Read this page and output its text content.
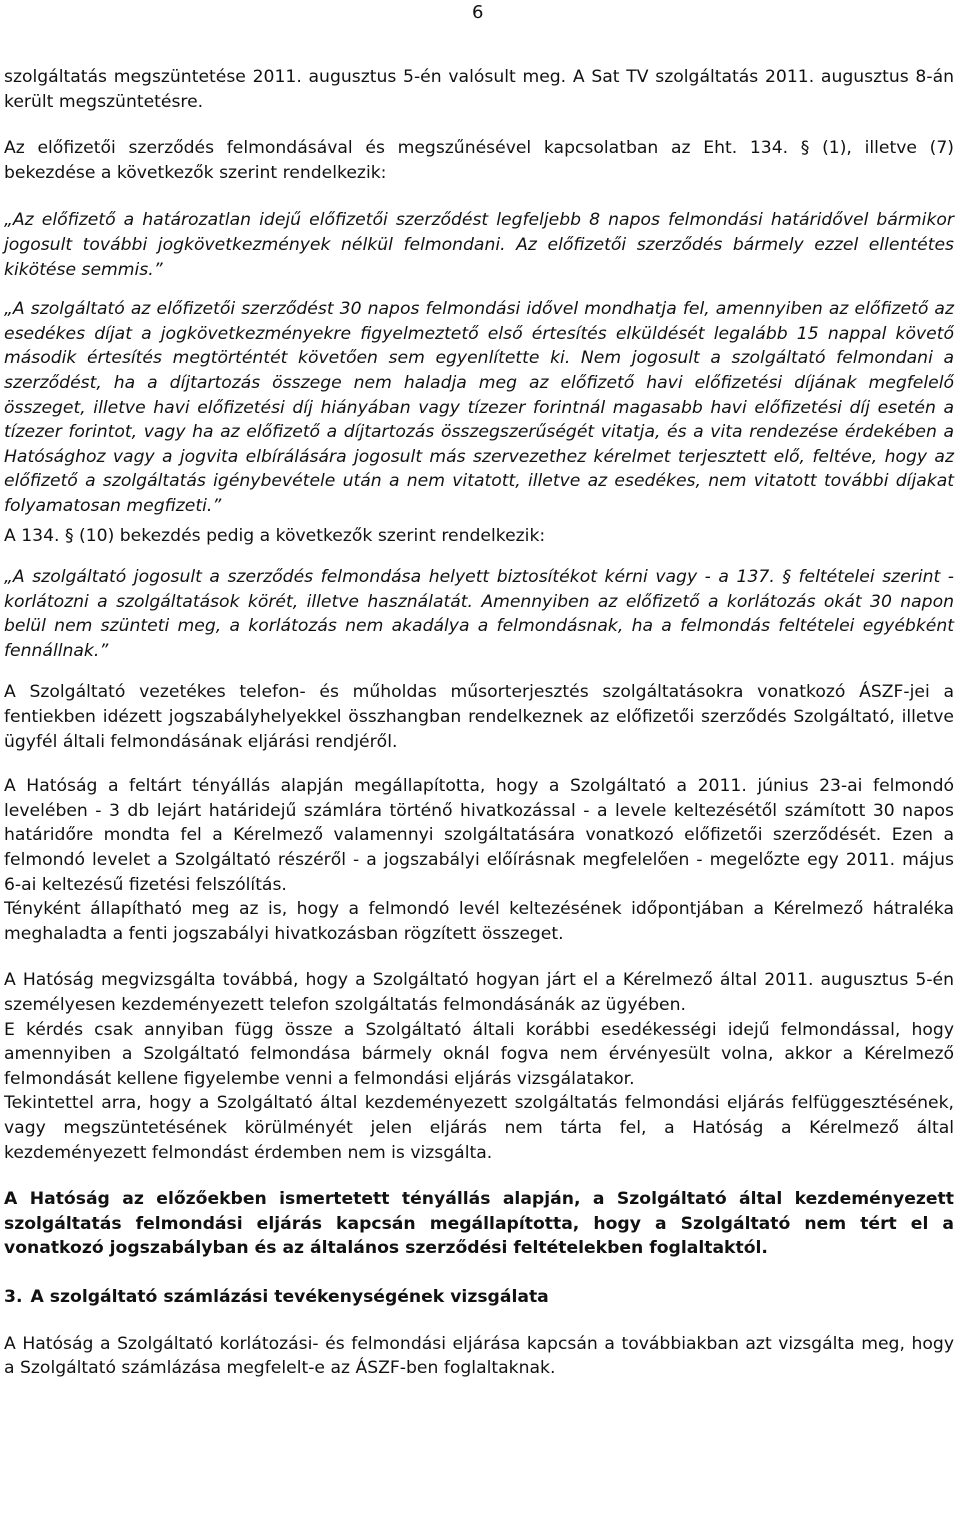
6

szolgáltatás megszüntetése 2011. augusztus 5-én valósult meg. A Sat TV szolgáltatás 2011. augusztus 8-án került megszüntetésre.

Az előfizetői szerződés felmondásával és megszűnésével kapcsolatban az Eht. 134. § (1), illetve (7) bekezdése a következők szerint rendelkezik:

„Az előfizető a határozatlan idejű előfizetői szerződést legfeljebb 8 napos felmondási határidővel bármikor jogosult további jogkövetkezmények nélkül felmondani. Az előfizetői szerződés bármely ezzel ellentétes kikötése semmis.”

„A szolgáltató az előfizetői szerződést 30 napos felmondási idővel mondhatja fel, amennyiben az előfizető az esedékes díjat a jogkövetkezményekre figyelmeztető első értesítés elküldését legalább 15 nappal követő második értesítés megtörténtét követően sem egyenlítette ki. Nem jogosult a szolgáltató felmondani a szerződést, ha a díjtartozás összege nem haladja meg az előfizető havi előfizetési díjának megfelelő összeget, illetve havi előfizetési díj hiányában vagy tízezer forintnál magasabb havi előfizetési díj esetén a tízezer forintot, vagy ha az előfizető a díjtartozás összegszerűségét vitatja, és a vita rendezése érdekében a Hatósághoz vagy a jogvita elbírálására jogosult más szervezethez kérelmet terjesztett elő, feltéve, hogy az előfizető a szolgáltatás igénybevétele után a nem vitatott, illetve az esedékes, nem vitatott további díjakat folyamatosan megfizeti.”

A 134. § (10) bekezdés pedig a következők szerint rendelkezik:

„A szolgáltató jogosult a szerződés felmondása helyett biztosítékot kérni vagy - a 137. § feltételei szerint - korlátozni a szolgáltatások körét, illetve használatát. Amennyiben az előfizető a korlátozás okát 30 napon belül nem szünteti meg, a korlátozás nem akadálya a felmondásnak, ha a felmondás feltételei egyébként fennállnak.”

A Szolgáltató vezetékes telefon- és műholdas műsorterjesztés szolgáltatásokra vonatkozó ÁSZF-jei a fentiekben idézett jogszabályhelyekkel összhangban rendelkeznek az előfizetői szerződés Szolgáltató, illetve ügyfél általi felmondásának eljárási rendjéről.

A Hatóság a feltárt tényállás alapján megállapította, hogy a Szolgáltató a 2011. június 23-ai felmondó levelében - 3 db lejárt határidejű számlára történő hivatkozással - a levele keltezésétől számított 30 napos határidőre mondta fel a Kérelmező valamennyi szolgáltatására vonatkozó előfizetői szerződését. Ezen a felmondó levelet a Szolgáltató részéről - a jogszabályi előírásnak megfelelően - megelőzte egy 2011. május 6-ai keltezésű fizetési felszólítás.

Tényként állapítható meg az is, hogy a felmondó levél keltezésének időpontjában a Kérelmező hátraléka meghaladta a fenti jogszabályi hivatkozásban rögzített összeget.

A Hatóság megvizsgálta továbbá, hogy a Szolgáltató hogyan járt el a Kérelmező által 2011. augusztus 5-én személyesen kezdeményezett telefon szolgáltatás felmondásánák az ügyében.

E kérdés csak annyiban függ össze a Szolgáltató általi korábbi esedékességi idejű felmondással, hogy amennyiben a Szolgáltató felmondása bármely oknál fogva nem érvényesült volna, akkor a Kérelmező felmondását kellene figyelembe venni a felmondási eljárás vizsgálatakor.

Tekintettel arra, hogy a Szolgáltató által kezdeményezett szolgáltatás felmondási eljárás felfüggesztésének, vagy megszüntetésének körülményét jelen eljárás nem tárta fel, a Hatóság a Kérelmező által kezdeményezett felmondást érdemben nem is vizsgálta.

A Hatóság az előzőekben ismertetett tényállás alapján, a Szolgáltató által kezdeményezett szolgáltatás felmondási eljárás kapcsán megállapította, hogy a Szolgáltató nem tért el a vonatkozó jogszabályban és az általános szerződési feltételekben foglaltaktól.

3. A szolgáltató számlázási tevékenységének vizsgálata

A Hatóság a Szolgáltató korlátozási- és felmondási eljárása kapcsán a továbbiakban azt vizsgálta meg, hogy a Szolgáltató számlázása megfelelt-e az ÁSZF-ben foglaltaknak.
